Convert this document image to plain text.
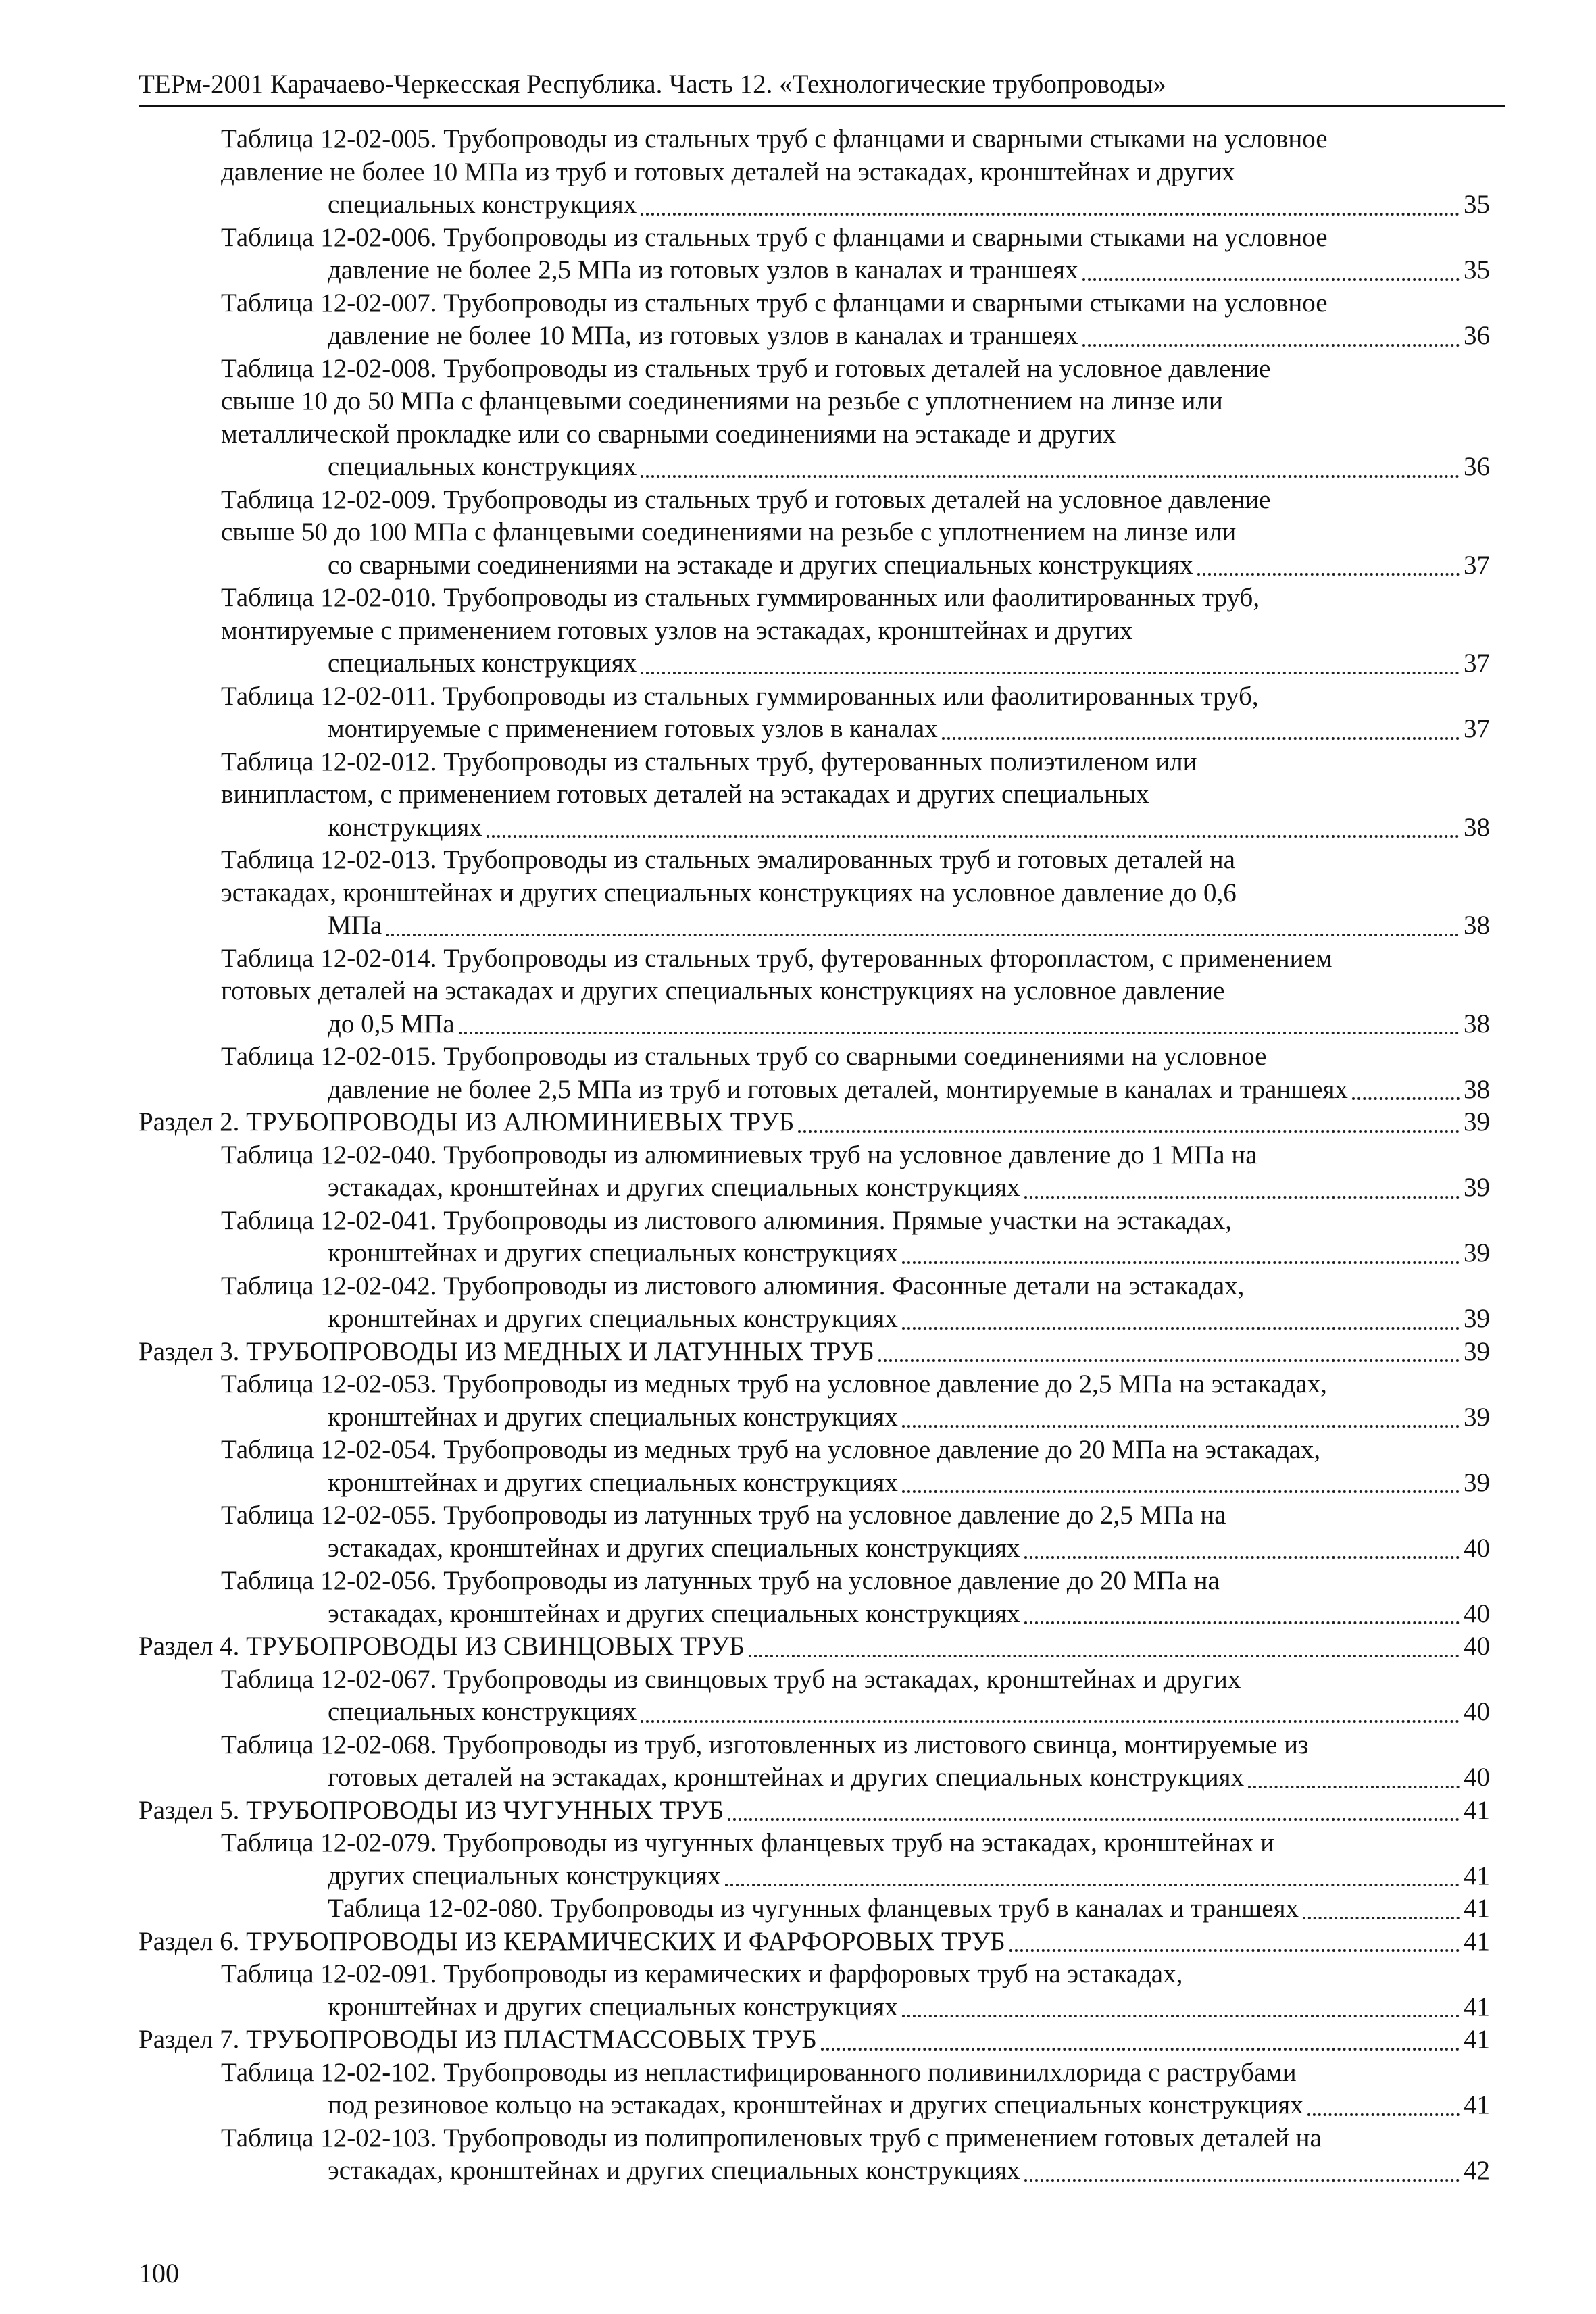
ТЕРм-2001 Карачаево-Черкесская Республика. Часть 12. «Технологические трубопроводы»
Таблица 12-02-005. Трубопроводы из стальных труб с фланцами и сварными стыками на условное
давление не более 10 МПа из труб и готовых деталей на эстакадах, кронштейнах и других
специальных конструкциях	35
Таблица 12-02-006. Трубопроводы из стальных труб с фланцами и сварными стыками на условное
давление не более 2,5 МПа из готовых узлов в каналах и траншеях	35
Таблица 12-02-007. Трубопроводы из стальных труб с фланцами и сварными стыками на условное
давление не более 10 МПа, из готовых узлов в каналах и траншеях	36
Таблица 12-02-008. Трубопроводы из стальных труб и готовых деталей на условное давление
свыше 10 до 50 МПа с фланцевыми соединениями на резьбе с уплотнением на линзе или
металлической прокладке или со сварными соединениями на эстакаде и других
специальных конструкциях	36
Таблица 12-02-009. Трубопроводы из стальных труб и готовых деталей на условное давление
свыше 50 до 100 МПа с фланцевыми соединениями на резьбе с уплотнением на линзе или
со сварными соединениями на эстакаде и других специальных конструкциях	37
Таблица 12-02-010. Трубопроводы из стальных гуммированных или фаолитированных труб,
монтируемые с применением готовых узлов на эстакадах, кронштейнах и других
специальных конструкциях	37
Таблица 12-02-011. Трубопроводы из стальных гуммированных или фаолитированных труб,
монтируемые с применением готовых узлов в каналах	37
Таблица 12-02-012. Трубопроводы из стальных труб, футерованных полиэтиленом или
винипластом, с применением готовых деталей на эстакадах и других специальных
конструкциях	38
Таблица 12-02-013. Трубопроводы из стальных эмалированных труб и готовых деталей на
эстакадах, кронштейнах и других специальных конструкциях на условное давление до 0,6
МПа	38
Таблица 12-02-014. Трубопроводы из стальных труб, футерованных фторопластом, с применением
готовых деталей на эстакадах и других специальных конструкциях на условное давление
до 0,5 МПа	38
Таблица 12-02-015. Трубопроводы из стальных труб со сварными соединениями на условное
давление не более 2,5 МПа из труб и готовых деталей, монтируемые в каналах и траншеях	38
Раздел 2. ТРУБОПРОВОДЫ ИЗ АЛЮМИНИЕВЫХ ТРУБ	39
Таблица 12-02-040. Трубопроводы из алюминиевых труб на условное давление до 1 МПа на
эстакадах, кронштейнах и других специальных конструкциях	39
Таблица 12-02-041. Трубопроводы из листового алюминия. Прямые участки на эстакадах,
кронштейнах и других специальных конструкциях	39
Таблица 12-02-042. Трубопроводы из листового алюминия. Фасонные детали на эстакадах,
кронштейнах и других специальных конструкциях	39
Раздел 3. ТРУБОПРОВОДЫ ИЗ МЕДНЫХ И ЛАТУННЫХ ТРУБ	39
Таблица 12-02-053. Трубопроводы из медных труб на условное давление до 2,5 МПа на эстакадах,
кронштейнах и других специальных конструкциях	39
Таблица 12-02-054. Трубопроводы из медных труб на условное давление до 20 МПа на эстакадах,
кронштейнах и других специальных конструкциях	39
Таблица 12-02-055. Трубопроводы из латунных труб на условное давление до 2,5 МПа на
эстакадах, кронштейнах и других специальных конструкциях	40
Таблица 12-02-056. Трубопроводы из латунных труб на условное давление до 20 МПа на
эстакадах, кронштейнах и других специальных конструкциях	40
Раздел 4. ТРУБОПРОВОДЫ ИЗ СВИНЦОВЫХ ТРУБ	40
Таблица 12-02-067. Трубопроводы из свинцовых труб на эстакадах, кронштейнах и других
специальных конструкциях	40
Таблица 12-02-068. Трубопроводы из труб, изготовленных из листового свинца, монтируемые из
готовых деталей на эстакадах, кронштейнах и других специальных конструкциях	40
Раздел 5. ТРУБОПРОВОДЫ ИЗ ЧУГУННЫХ ТРУБ	41
Таблица 12-02-079. Трубопроводы из чугунных фланцевых труб на эстакадах, кронштейнах и
других специальных конструкциях	41
Таблица 12-02-080. Трубопроводы из чугунных фланцевых труб в каналах и траншеях	41
Раздел 6. ТРУБОПРОВОДЫ ИЗ КЕРАМИЧЕСКИХ И ФАРФОРОВЫХ ТРУБ	41
Таблица 12-02-091. Трубопроводы из керамических и фарфоровых труб на эстакадах,
кронштейнах и других специальных конструкциях	41
Раздел 7. ТРУБОПРОВОДЫ ИЗ ПЛАСТМАССОВЫХ ТРУБ	41
Таблица 12-02-102. Трубопроводы из непластифицированного поливинилхлорида с раструбами
под резиновое кольцо на эстакадах, кронштейнах и других специальных конструкциях	41
Таблица 12-02-103. Трубопроводы из полипропиленовых труб с применением готовых деталей на
эстакадах, кронштейнах и других специальных конструкциях	42
100
